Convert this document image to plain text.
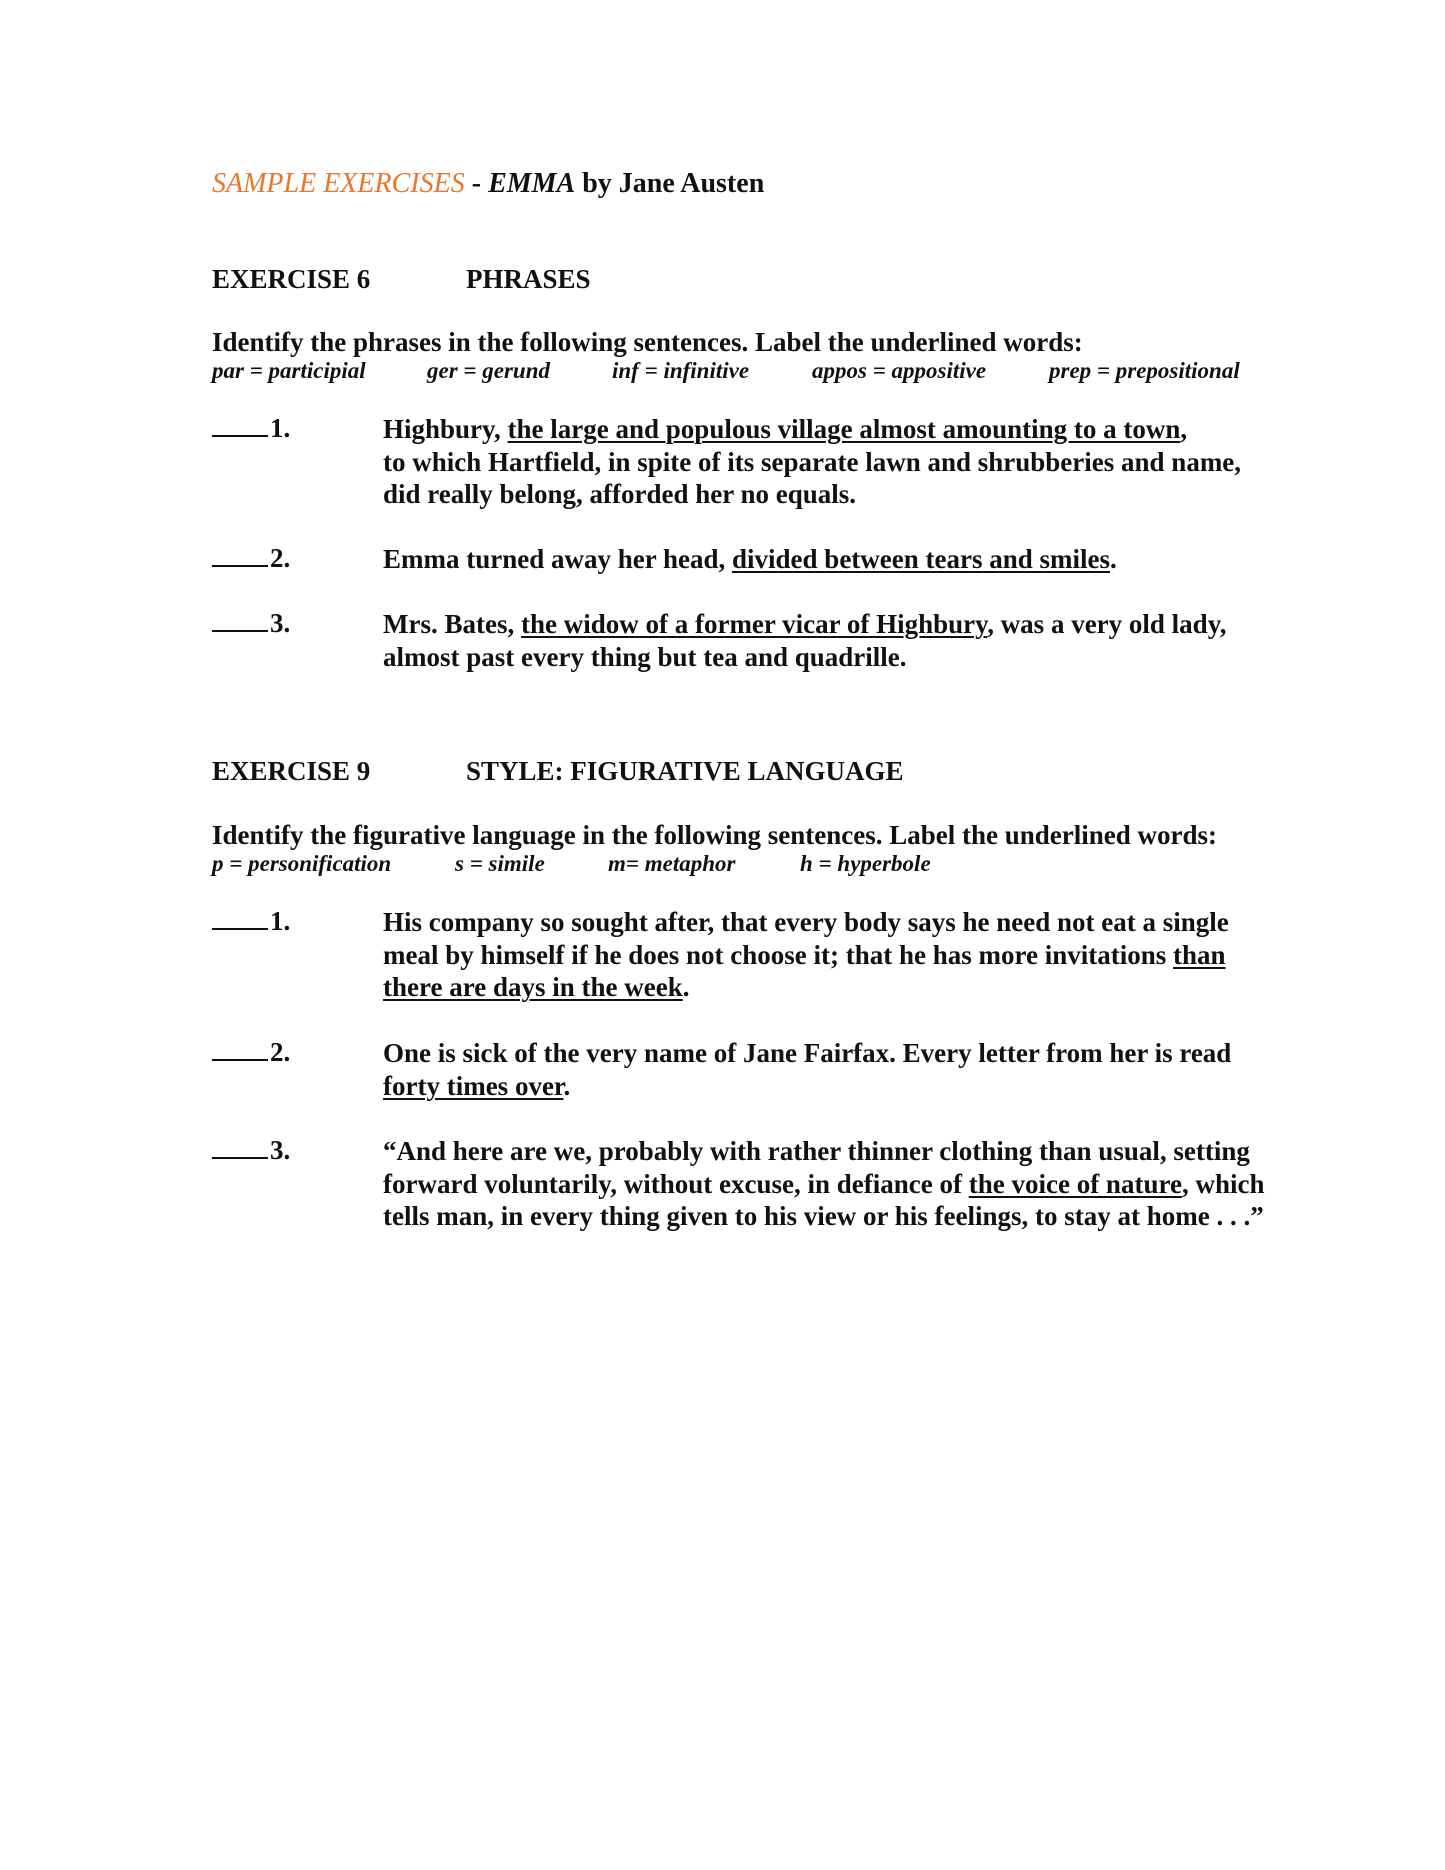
SAMPLE EXERCISES - EMMA by Jane Austen
EXERCISE 6	PHRASES
Identify the phrases in the following sentences. Label the underlined words:
par = participial	ger = gerund	inf = infinitive	appos = appositive	prep = prepositional
1.	Highbury, the large and populous village almost amounting to a town,
to which Hartfield, in spite of its separate lawn and shrubberies and name,
did really belong, afforded her no equals.
2.	Emma turned away her head, divided between tears and smiles.
3.	Mrs. Bates, the widow of a former vicar of Highbury, was a very old lady,
almost past every thing but tea and quadrille.
EXERCISE 9	STYLE: FIGURATIVE LANGUAGE
Identify the figurative language in the following sentences. Label the underlined words:
p = personification	s = simile	m= metaphor	h = hyperbole
1.	His company so sought after, that every body says he need not eat a single
meal by himself if he does not choose it; that he has more invitations than
there are days in the week.
2.	One is sick of the very name of Jane Fairfax. Every letter from her is read
forty times over.
3.	“And here are we, probably with rather thinner clothing than usual, setting
forward voluntarily, without excuse, in defiance of the voice of nature, which
tells man, in every thing given to his view or his feelings, to stay at home . . .”
